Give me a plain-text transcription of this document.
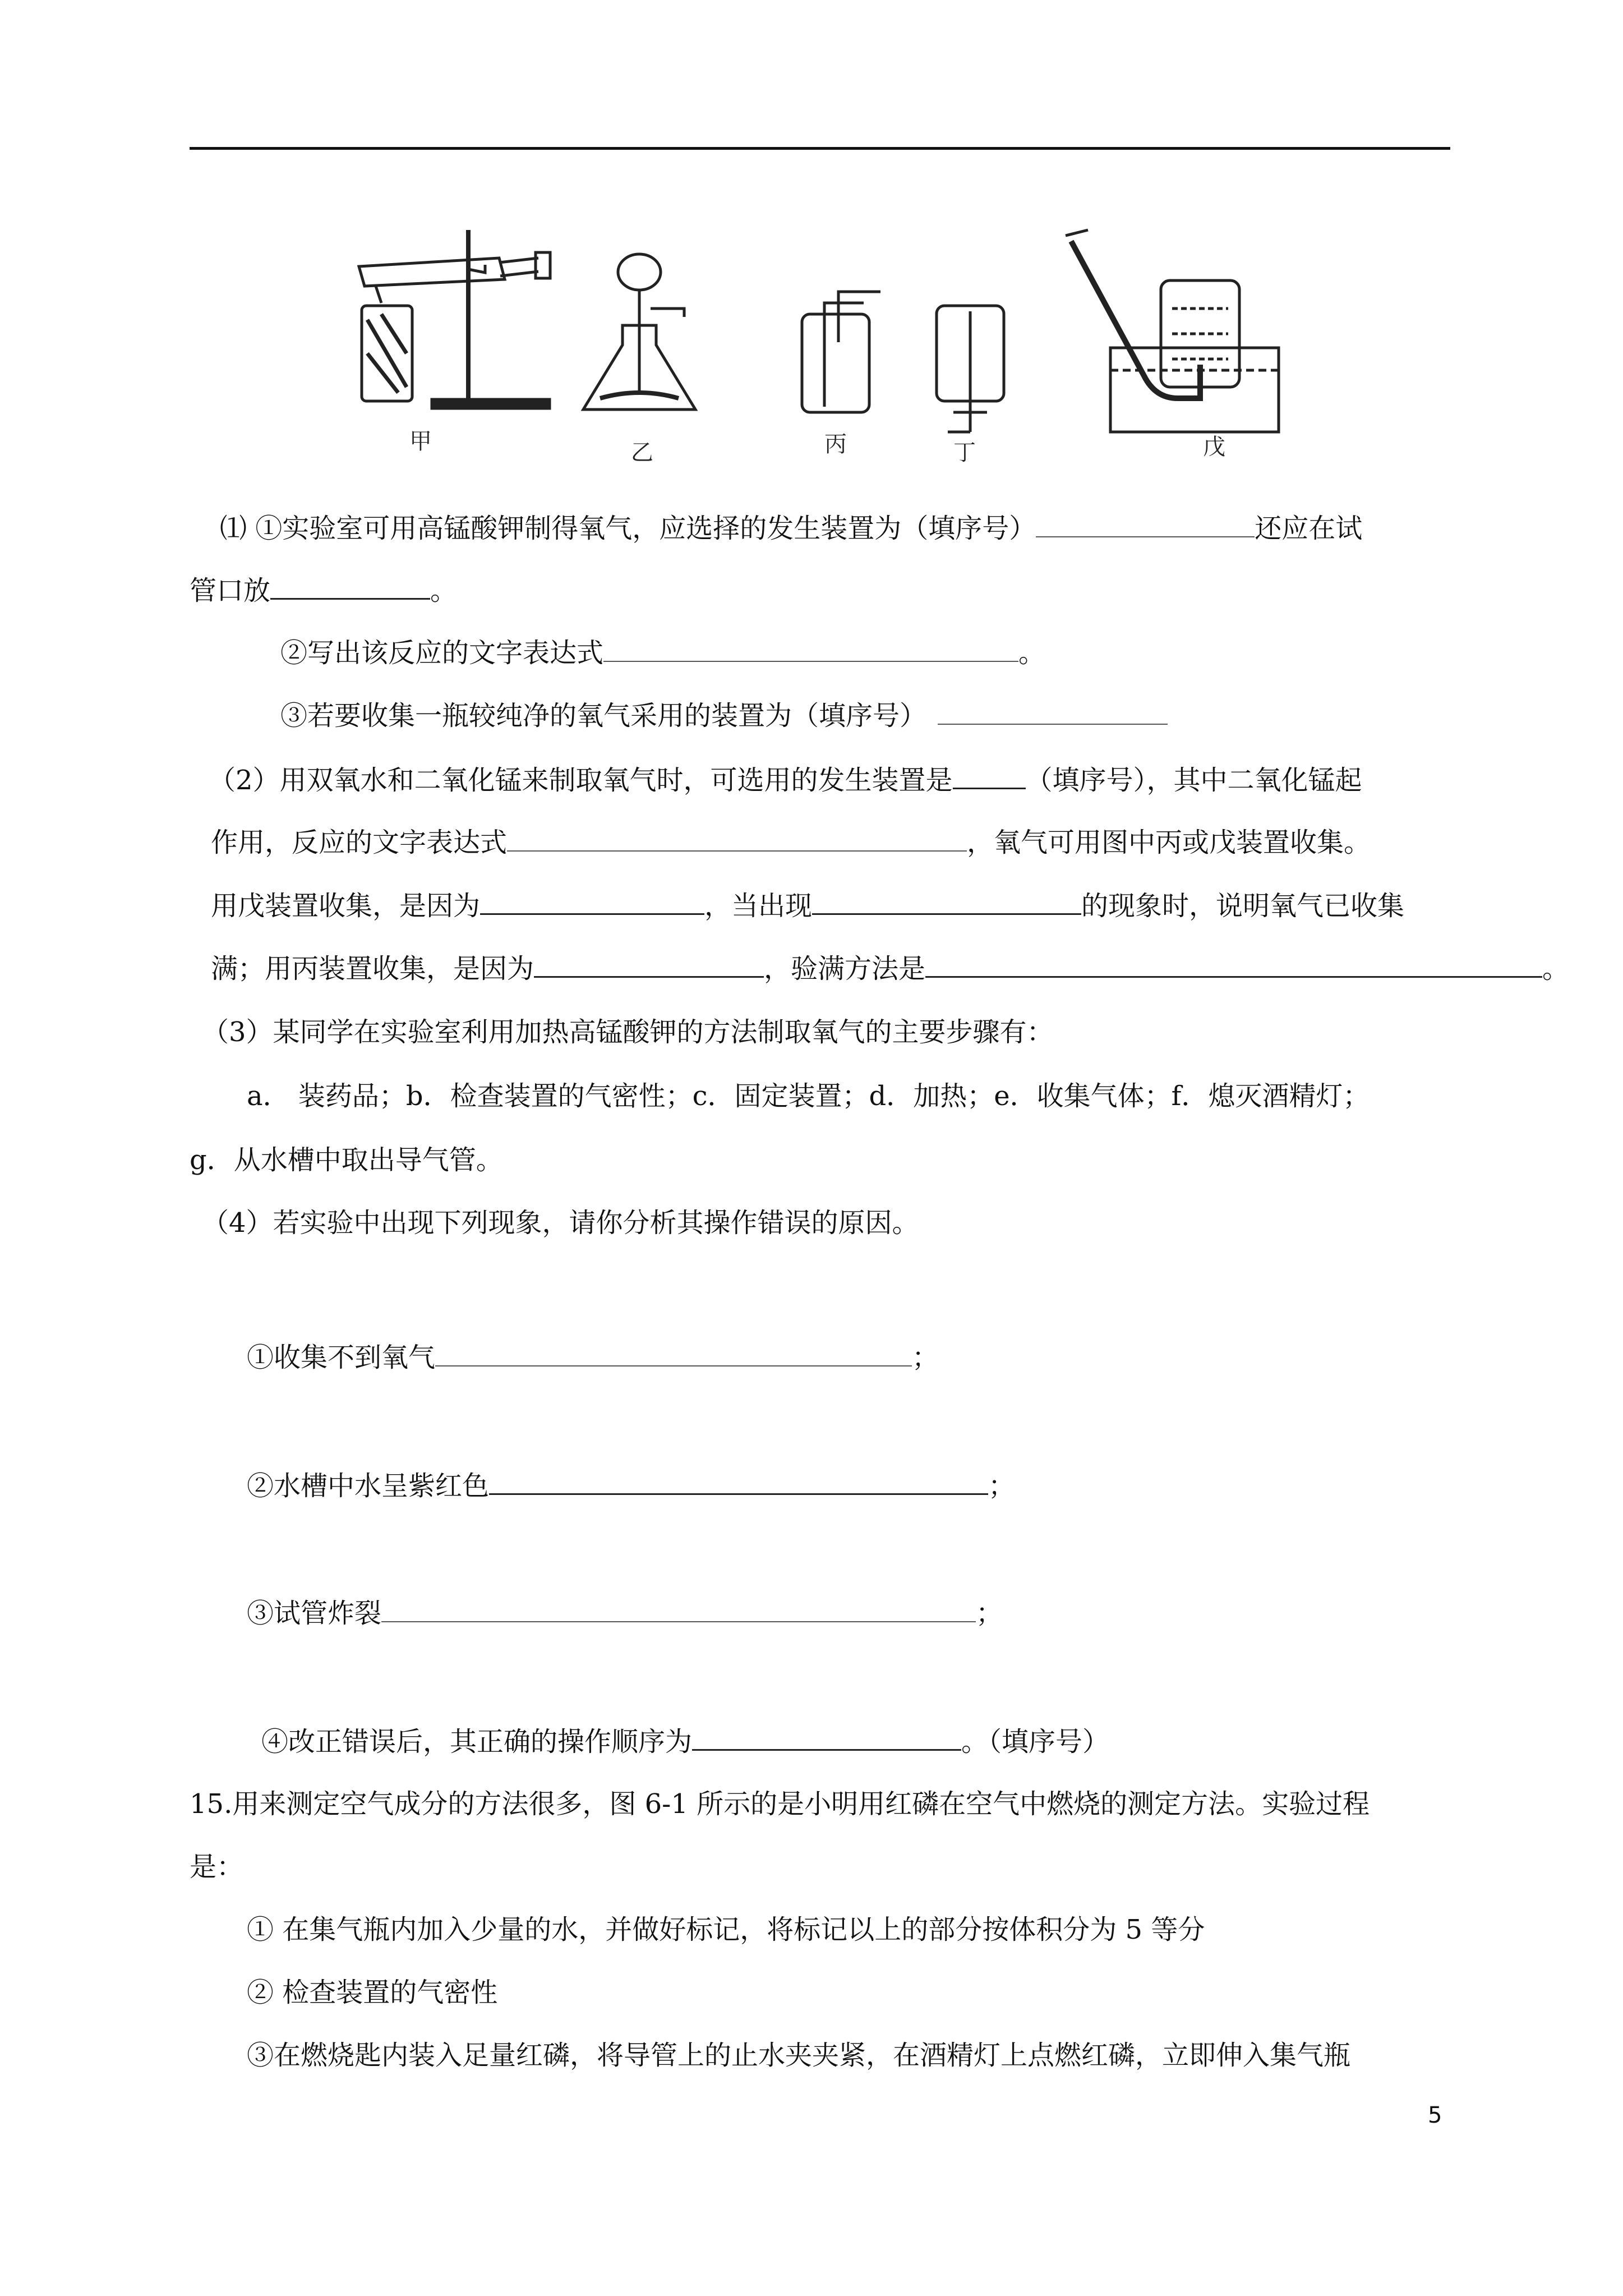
甲	乙	丙	丁	戊
⑴ ①实验室可用高锰酸钾制得氧气，应选择的发生装置为（填序号）	还应在试
管口放	。
②写出该反应的文字表达式	。
③若要收集一瓶较纯净的氧气采用的装置为（填序号）
（2）用双氧水和二氧化锰来制取氧气时，可选用的发生装置是	（填序号），其中二氧化锰起
作用，反应的文字表达式	，氧气可用图中丙或戊装置收集。
用戊装置收集，是因为	，当出现	的现象时，说明氧气已收集
满；用丙装置收集，是因为	，验满方法是	。
（3）某同学在实验室利用加热高锰酸钾的方法制取氧气的主要步骤有：
a． 装药品；b．检查装置的气密性；c．固定装置；d．加热；e．收集气体；f．熄灭酒精灯；
g．从水槽中取出导气管。
（4）若实验中出现下列现象，请你分析其操作错误的原因。
①收集不到氧气	；
②水槽中水呈紫红色	；
③试管炸裂	；
④改正错误后，其正确的操作顺序为	。（填序号）
15.用来测定空气成分的方法很多，图 6-1 所示的是小明用红磷在空气中燃烧的测定方法。实验过程
是：
① 在集气瓶内加入少量的水，并做好标记，将标记以上的部分按体积分为 5 等分
② 检查装置的气密性
③在燃烧匙内装入足量红磷，将导管上的止水夹夹紧，在酒精灯上点燃红磷，立即伸入集气瓶
5
